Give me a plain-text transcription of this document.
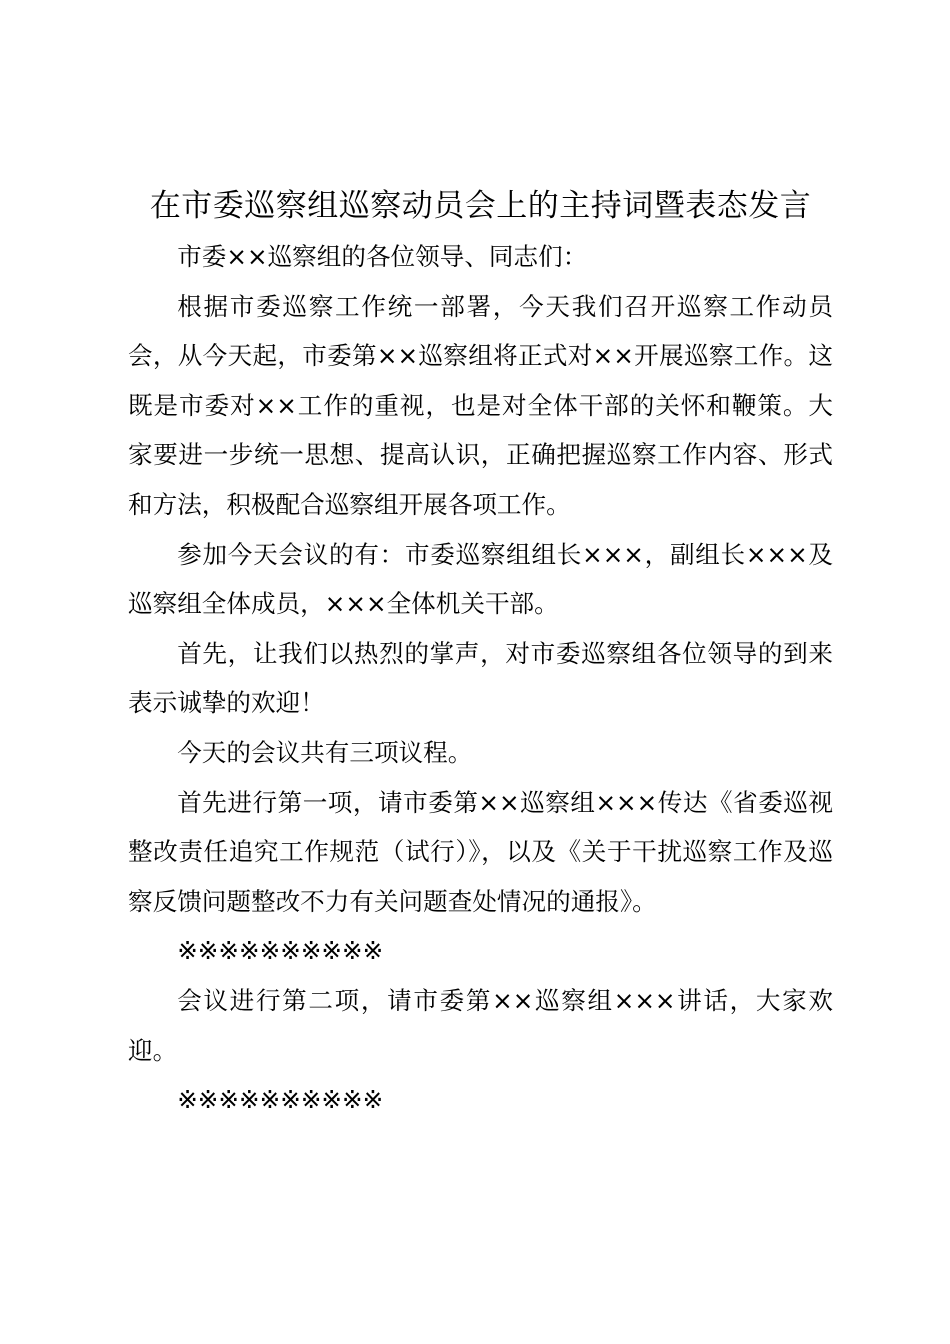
在市委巡察组巡察动员会上的主持词暨表态发言

市委××巡察组的各位领导、同志们：

根据市委巡察工作统一部署，今天我们召开巡察工作动员会，从今天起，市委第××巡察组将正式对××开展巡察工作。这既是市委对××工作的重视，也是对全体干部的关怀和鞭策。大家要进一步统一思想、提高认识，正确把握巡察工作内容、形式和方法，积极配合巡察组开展各项工作。

参加今天会议的有：市委巡察组组长×××，副组长×××及巡察组全体成员，×××全体机关干部。

首先，让我们以热烈的掌声，对市委巡察组各位领导的到来表示诚挚的欢迎！

今天的会议共有三项议程。

首先进行第一项，请市委第××巡察组×××传达《省委巡视整改责任追究工作规范（试行）》，以及《关于干扰巡察工作及巡察反馈问题整改不力有关问题查处情况的通报》。

※※※※※※※※※※

会议进行第二项，请市委第××巡察组×××讲话，大家欢迎。

※※※※※※※※※※
